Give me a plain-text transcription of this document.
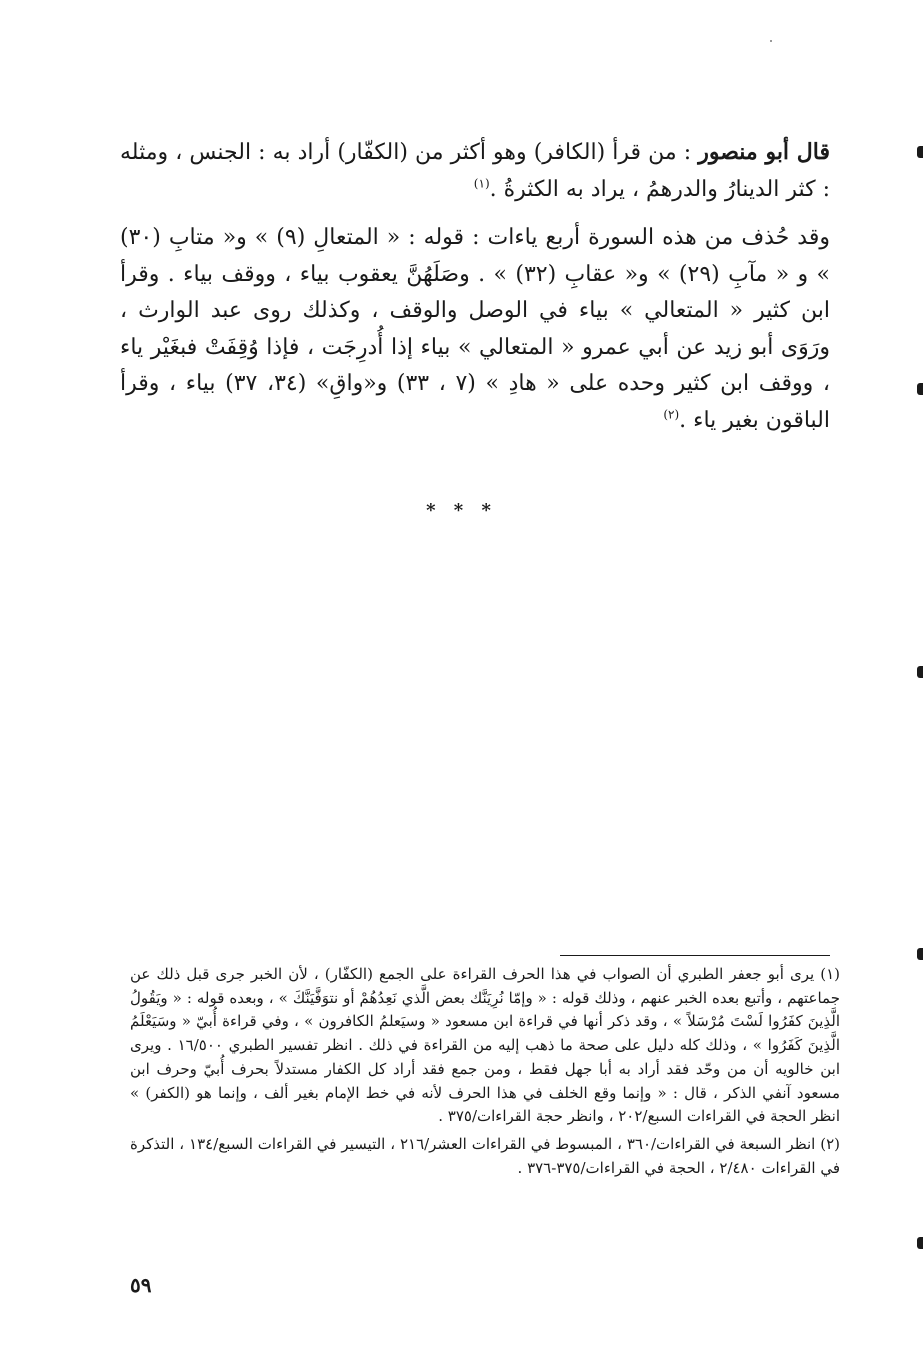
قال أبو منصور : من قرأ (الكافر) وهو أكثر من (الكفّار) أراد به : الجنس ، ومثله : كثر الدينارُ والدرهمُ ، يراد به الكثرةُ .$^{(١)}$

وقد حُذف من هذه السورة أربع ياءات : قوله : « المتعالِ (٩) » و« متابِ (٣٠) » و « مآبِ (٢٩) » و« عقابِ (٣٢) » . وصَلَهُنَّ يعقوب بياء ، ووقف بياء . وقرأ ابن كثير « المتعالي » بياء في الوصل والوقف ، وكذلك روى عبد الوارث ، ورَوَى أبو زيد عن أبي عمرو « المتعالي » بياء إذا أُدرِجَت ، فإذا وُقِفَتْ فبغَيْر ياء ، ووقف ابن كثير وحده على « هادِ » (٧ ، ٣٣) و«واقِ» (٣٤، ٣٧) بياء ، وقرأ الباقون بغير ياء .$^{(٢)}$

* * *

(١) يرى أبو جعفر الطبري أن الصواب في هذا الحرف القراءة على الجمع (الكفّار) ، لأن الخبر جرى قبل ذلك عن جماعتهم ، وأتبع بعده الخبر عنهم ، وذلك قوله : « وإمّا نُرِيَنَّك بعض الَّذي نَعِدُهُمْ أو نتوَفَّيَنَّكَ » ، وبعده قوله : « ويَقُولُ الَّذِينَ كفَرُوا لَسْتَ مُرْسَلاً » ، وقد ذكر أنها في قراءة ابن مسعود « وسيَعلمُ الكافرون » ، وفي قراءة أُبيّ « وسَيَعْلَمُ الَّذِينَ كَفَرُوا » ، وذلك كله دليل على صحة ما ذهب إليه من القراءة في ذلك . انظر تفسير الطبري ١٦/٥٠٠ . ويرى ابن خالويه أن من وحّد فقد أراد به أبا جهل فقط ، ومن جمع فقد أراد كل الكفار مستدلاً بحرف أُبيّ وحرف ابن مسعود آنفي الذكر ، قال : « وإنما وقع الخلف في هذا الحرف لأنه في خط الإمام بغير ألف ، وإنما هو (الكفر) » انظر الحجة في القراءات السبع/٢٠٢ ، وانظر حجة القراءات/٣٧٥ .

(٢) انظر السبعة في القراءات/٣٦٠ ، المبسوط في القراءات العشر/٢١٦ ، التيسير في القراءات السبع/١٣٤ ، التذكرة في القراءات ٢/٤٨٠ ، الحجة في القراءات/٣٧٥-٣٧٦ .

٥٩
